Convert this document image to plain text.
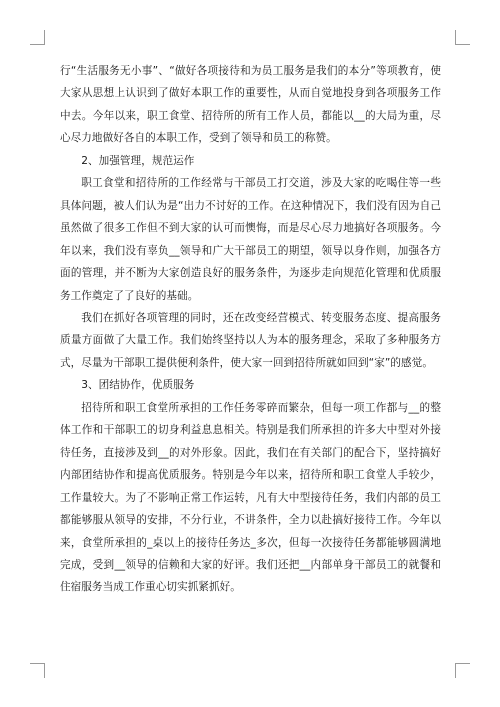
行“生活服务无小事”、“做好各项接待和为员工服务是我们的本分”等项教育，使大家从思想上认识到了做好本职工作的重要性，从而自觉地投身到各项服务工作中去。今年以来，职工食堂、招待所的所有工作人员，都能以__的大局为重，尽心尽力地做好各自的本职工作，受到了领导和员工的称赞。

2、加强管理，规范运作

职工食堂和招待所的工作经常与干部员工打交道，涉及大家的吃喝住等一些具体问题，被人们认为是“出力不讨好的工作。在这种情况下，我们没有因为自己虽然做了很多工作但不到大家的认可而懊悔，而是尽心尽力地搞好各项服务。今年以来，我们没有辜负__领导和广大干部员工的期望，领导以身作则，加强各方面的管理，并不断为大家创造良好的服务条件，为逐步走向规范化管理和优质服务工作奠定了了良好的基础。

我们在抓好各项管理的同时，还在改变经营模式、转变服务态度、提高服务质量方面做了大量工作。我们始终坚持以人为本的服务理念，采取了多种服务方式，尽量为干部职工提供便利条件，使大家一回到招待所就如回到“家”的感觉。

3、团结协作，优质服务

招待所和职工食堂所承担的工作任务零碎而繁杂，但每一项工作都与__的整体工作和干部职工的切身利益息息相关。特别是我们所承担的许多大中型对外接待任务，直接涉及到__的对外形象。因此，我们在有关部门的配合下，坚持搞好内部团结协作和提高优质服务。特别是今年以来，招待所和职工食堂人手较少，工作量较大。为了不影响正常工作运转，凡有大中型接待任务，我们内部的员工都能够服从领导的安排，不分行业，不讲条件，全力以赴搞好接待工作。今年以来，食堂所承担的_桌以上的接待任务达_多次，但每一次接待任务都能够圆满地完成，受到__领导的信赖和大家的好评。我们还把__内部单身干部员工的就餐和住宿服务当成工作重心切实抓紧抓好。
